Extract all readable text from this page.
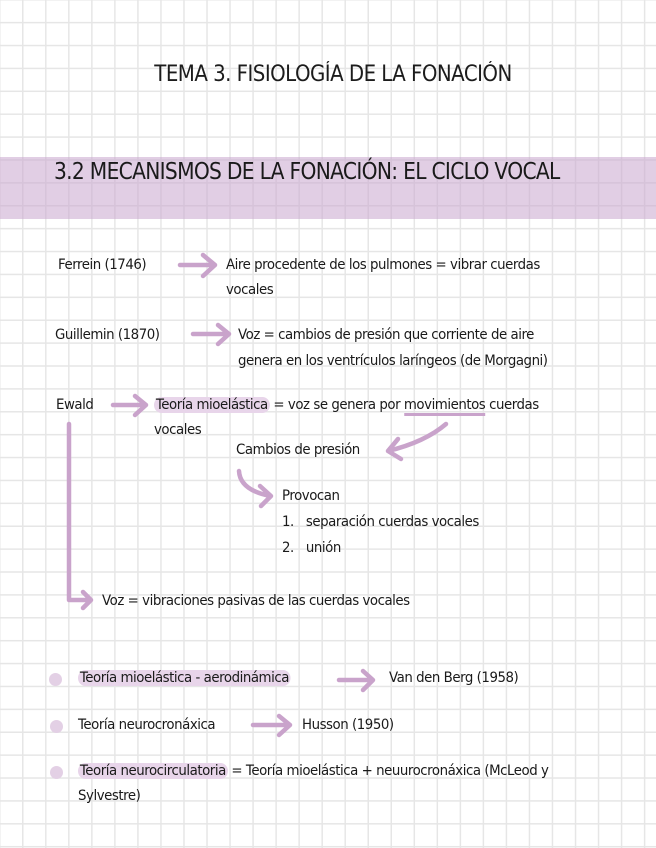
TEMA 3. FISIOLOGÍA DE LA FONACIÓN
3.2 MECANISMOS DE LA FONACIÓN: EL CICLO VOCAL
Ferrein (1746)	Aire procedente de los pulmones = vibrar cuerdas
vocales
Guillemin (1870)	Voz = cambios de presión que corriente de aire
genera en los ventrículos laríngeos (de Morgagni)
Ewald	Teoría mioelástica = voz se genera por movimientos cuerdas
vocales
Cambios de presión
Provocan
1. separación cuerdas vocales
2. unión
Voz = vibraciones pasivas de las cuerdas vocales
Teoría mioelástica - aerodinámica	Van den Berg (1958)
Teoría neurocronáxica	Husson (1950)
Teoría neurocirculatoria = Teoría mioelástica + neuurocronáxica (McLeod y
Sylvestre)
